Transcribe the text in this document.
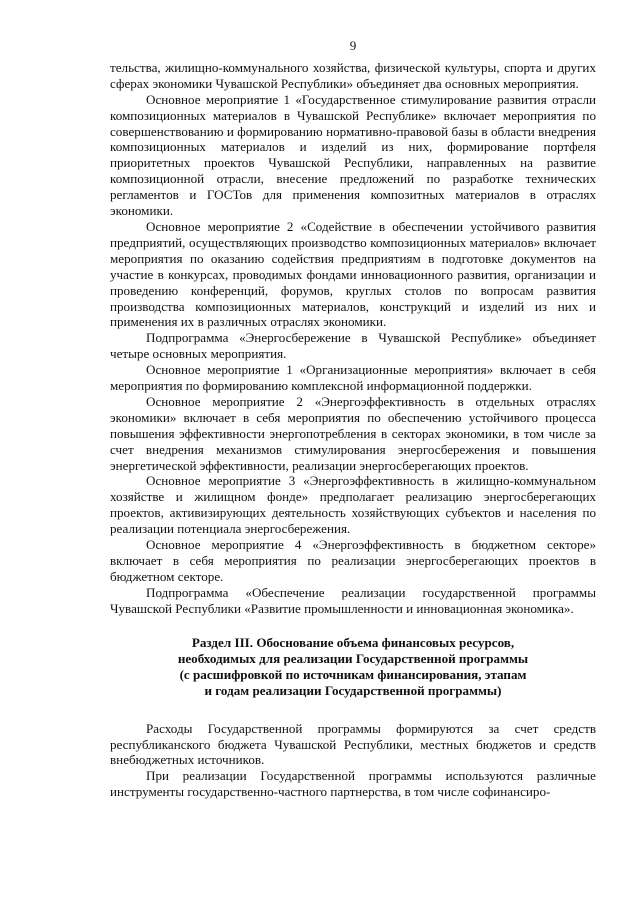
9

тельства, жилищно-коммунального хозяйства, физической культуры, спорта и других сферах экономики Чувашской Республики» объединяет два основных мероприятия.

Основное мероприятие 1 «Государственное стимулирование развития отрасли композиционных материалов в Чувашской Республике» включает мероприятия по совершенствованию и формированию нормативно-правовой базы в области внедрения композиционных материалов и изделий из них, формирование портфеля приоритетных проектов Чувашской Республики, направленных на развитие композиционной отрасли, внесение предложений по разработке технических регламентов и ГОСТов для применения композитных материалов в отраслях экономики.

Основное мероприятие 2 «Содействие в обеспечении устойчивого развития предприятий, осуществляющих производство композиционных материалов» включает мероприятия по оказанию содействия предприятиям в подготовке документов на участие в конкурсах, проводимых фондами инновационного развития, организации и проведению конференций, форумов, круглых столов по вопросам развития производства композиционных материалов, конструкций и изделий из них и применения их в различных отраслях экономики.

Подпрограмма «Энергосбережение в Чувашской Республике» объединяет четыре основных мероприятия.

Основное мероприятие 1 «Организационные мероприятия» включает в себя мероприятия по формированию комплексной информационной поддержки.

Основное мероприятие 2 «Энергоэффективность в отдельных отраслях экономики» включает в себя мероприятия по обеспечению устойчивого процесса повышения эффективности энергопотребления в секторах экономики, в том числе за счет внедрения механизмов стимулирования энергосбережения и повышения энергетической эффективности, реализации энергосберегающих проектов.

Основное мероприятие 3 «Энергоэффективность в жилищно-коммунальном хозяйстве и жилищном фонде» предполагает реализацию энергосберегающих проектов, активизирующих деятельность хозяйствующих субъектов и населения по реализации потенциала энергосбережения.

Основное мероприятие 4 «Энергоэффективность в бюджетном секторе» включает в себя мероприятия по реализации энергосберегающих проектов в бюджетном секторе.

Подпрограмма «Обеспечение реализации государственной программы Чувашской Республики «Развитие промышленности и инновационная экономика».

Раздел III. Обоснование объема финансовых ресурсов,
необходимых для реализации Государственной программы
(с расшифровкой по источникам финансирования, этапам
и годам реализации Государственной программы)

Расходы Государственной программы формируются за счет средств республиканского бюджета Чувашской Республики, местных бюджетов и средств внебюджетных источников.

При реализации Государственной программы используются различные инструменты государственно-частного партнерства, в том числе софинансиро-
